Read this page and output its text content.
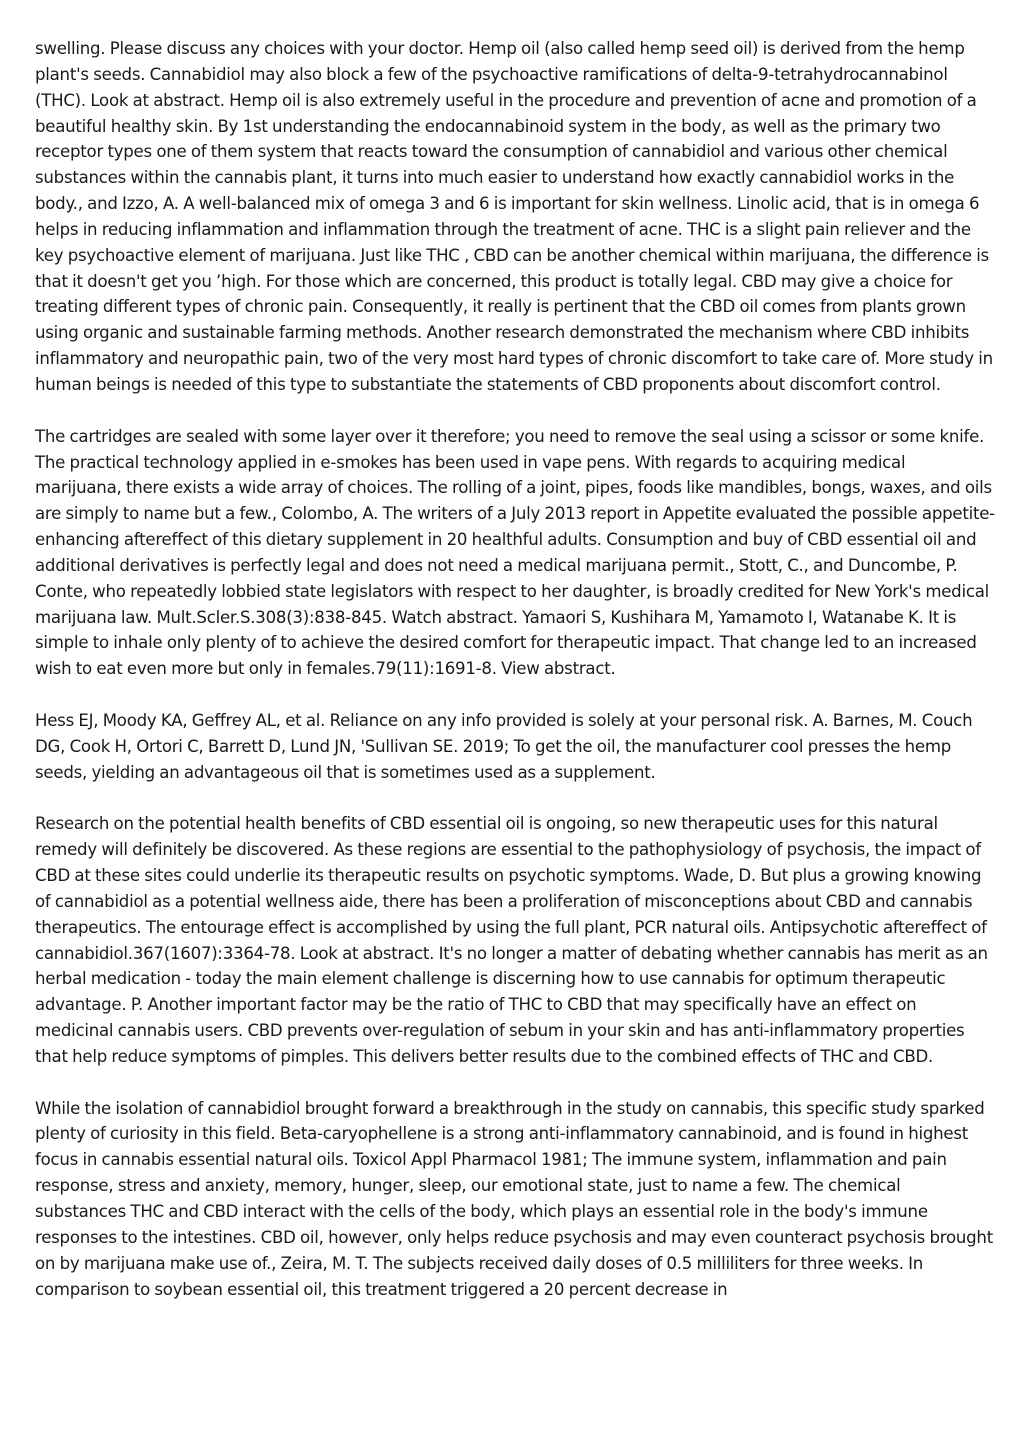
swelling. Please discuss any choices with your doctor. Hemp oil (also called hemp seed oil) is derived from the hemp plant's seeds. Cannabidiol may also block a few of the psychoactive ramifications of delta-9-tetrahydrocannabinol (THC). Look at abstract. Hemp oil is also extremely useful in the procedure and prevention of acne and promotion of a beautiful healthy skin. By 1st understanding the endocannabinoid system in the body, as well as the primary two receptor types one of them system that reacts toward the consumption of cannabidiol and various other chemical substances within the cannabis plant, it turns into much easier to understand how exactly cannabidiol works in the body., and Izzo, A. A well-balanced mix of omega 3 and 6 is important for skin wellness. Linolic acid, that is in omega 6 helps in reducing inflammation and inflammation through the treatment of acne. THC is a slight pain reliever and the key psychoactive element of marijuana. Just like THC , CBD can be another chemical within marijuana, the difference is that it doesn't get you ’high. For those which are concerned, this product is totally legal. CBD may give a choice for treating different types of chronic pain. Consequently, it really is pertinent that the CBD oil comes from plants grown using organic and sustainable farming methods. Another research demonstrated the mechanism where CBD inhibits inflammatory and neuropathic pain, two of the very most hard types of chronic discomfort to take care of. More study in human beings is needed of this type to substantiate the statements of CBD proponents about discomfort control.

The cartridges are sealed with some layer over it therefore; you need to remove the seal using a scissor or some knife. The practical technology applied in e-smokes has been used in vape pens. With regards to acquiring medical marijuana, there exists a wide array of choices. The rolling of a joint, pipes, foods like mandibles, bongs, waxes, and oils are simply to name but a few., Colombo, A. The writers of a July 2013 report in Appetite evaluated the possible appetite-enhancing aftereffect of this dietary supplement in 20 healthful adults. Consumption and buy of CBD essential oil and additional derivatives is perfectly legal and does not need a medical marijuana permit., Stott, C., and Duncombe, P. Conte, who repeatedly lobbied state legislators with respect to her daughter, is broadly credited for New York's medical marijuana law. Mult.Scler.S.308(3):838-845. Watch abstract. Yamaori S, Kushihara M, Yamamoto I, Watanabe K. It is simple to inhale only plenty of to achieve the desired comfort for therapeutic impact. That change led to an increased wish to eat even more but only in females.79(11):1691-8. View abstract.

Hess EJ, Moody KA, Geffrey AL, et al. Reliance on any info provided is solely at your personal risk. A. Barnes, M. Couch DG, Cook H, Ortori C, Barrett D, Lund JN, 'Sullivan SE. 2019; To get the oil, the manufacturer cool presses the hemp seeds, yielding an advantageous oil that is sometimes used as a supplement.

Research on the potential health benefits of CBD essential oil is ongoing, so new therapeutic uses for this natural remedy will definitely be discovered. As these regions are essential to the pathophysiology of psychosis, the impact of CBD at these sites could underlie its therapeutic results on psychotic symptoms. Wade, D. But plus a growing knowing of cannabidiol as a potential wellness aide, there has been a proliferation of misconceptions about CBD and cannabis therapeutics. The entourage effect is accomplished by using the full plant, PCR natural oils. Antipsychotic aftereffect of cannabidiol.367(1607):3364-78. Look at abstract. It's no longer a matter of debating whether cannabis has merit as an herbal medication - today the main element challenge is discerning how to use cannabis for optimum therapeutic advantage. P. Another important factor may be the ratio of THC to CBD that may specifically have an effect on medicinal cannabis users. CBD prevents over-regulation of sebum in your skin and has anti-inflammatory properties that help reduce symptoms of pimples. This delivers better results due to the combined effects of THC and CBD.

While the isolation of cannabidiol brought forward a breakthrough in the study on cannabis, this specific study sparked plenty of curiosity in this field. Beta-caryophellene is a strong anti-inflammatory cannabinoid, and is found in highest focus in cannabis essential natural oils. Toxicol Appl Pharmacol 1981; The immune system, inflammation and pain response, stress and anxiety, memory, hunger, sleep, our emotional state, just to name a few. The chemical substances THC and CBD interact with the cells of the body, which plays an essential role in the body's immune responses to the intestines. CBD oil, however, only helps reduce psychosis and may even counteract psychosis brought on by marijuana make use of., Zeira, M. T. The subjects received daily doses of 0.5 milliliters for three weeks. In comparison to soybean essential oil, this treatment triggered a 20 percent decrease in
